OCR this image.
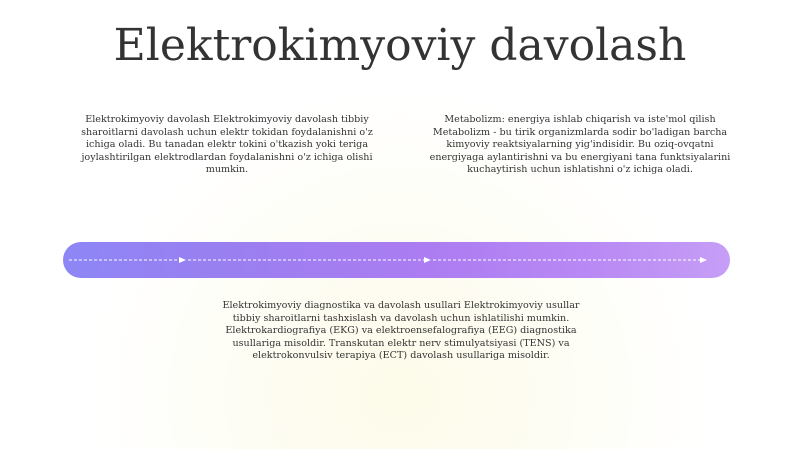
Elektrokimyoviy davolash
Elektrokimyoviy davolash Elektrokimyoviy davolash tibbiy sharoitlarni davolash uchun elektr tokidan foydalanishni o'z ichiga oladi. Bu tanadan elektr tokini o'tkazish yoki teriga joylashtirilgan elektrodlardan foydalanishni o'z ichiga olishi mumkin.
Metabolizm: energiya ishlab chiqarish va iste'mol qilish Metabolizm - bu tirik organizmlarda sodir bo'ladigan barcha kimyoviy reaktsiyalarning yig'indisidir. Bu oziq-ovqatni energiyaga aylantirishni va bu energiyani tana funktsiyalarini kuchaytirish uchun ishlatishni o'z ichiga oladi.
Elektrokimyoviy diagnostika va davolash usullari Elektrokimyoviy usullar tibbiy sharoitlarni tashxislash va davolash uchun ishlatilishi mumkin. Elektrokardiografiya (EKG) va elektroensefalografiya (EEG) diagnostika usullariga misoldir. Transkutan elektr nerv stimulyatsiyasi (TENS) va elektrokonvulsiv terapiya (ECT) davolash usullariga misoldir.
